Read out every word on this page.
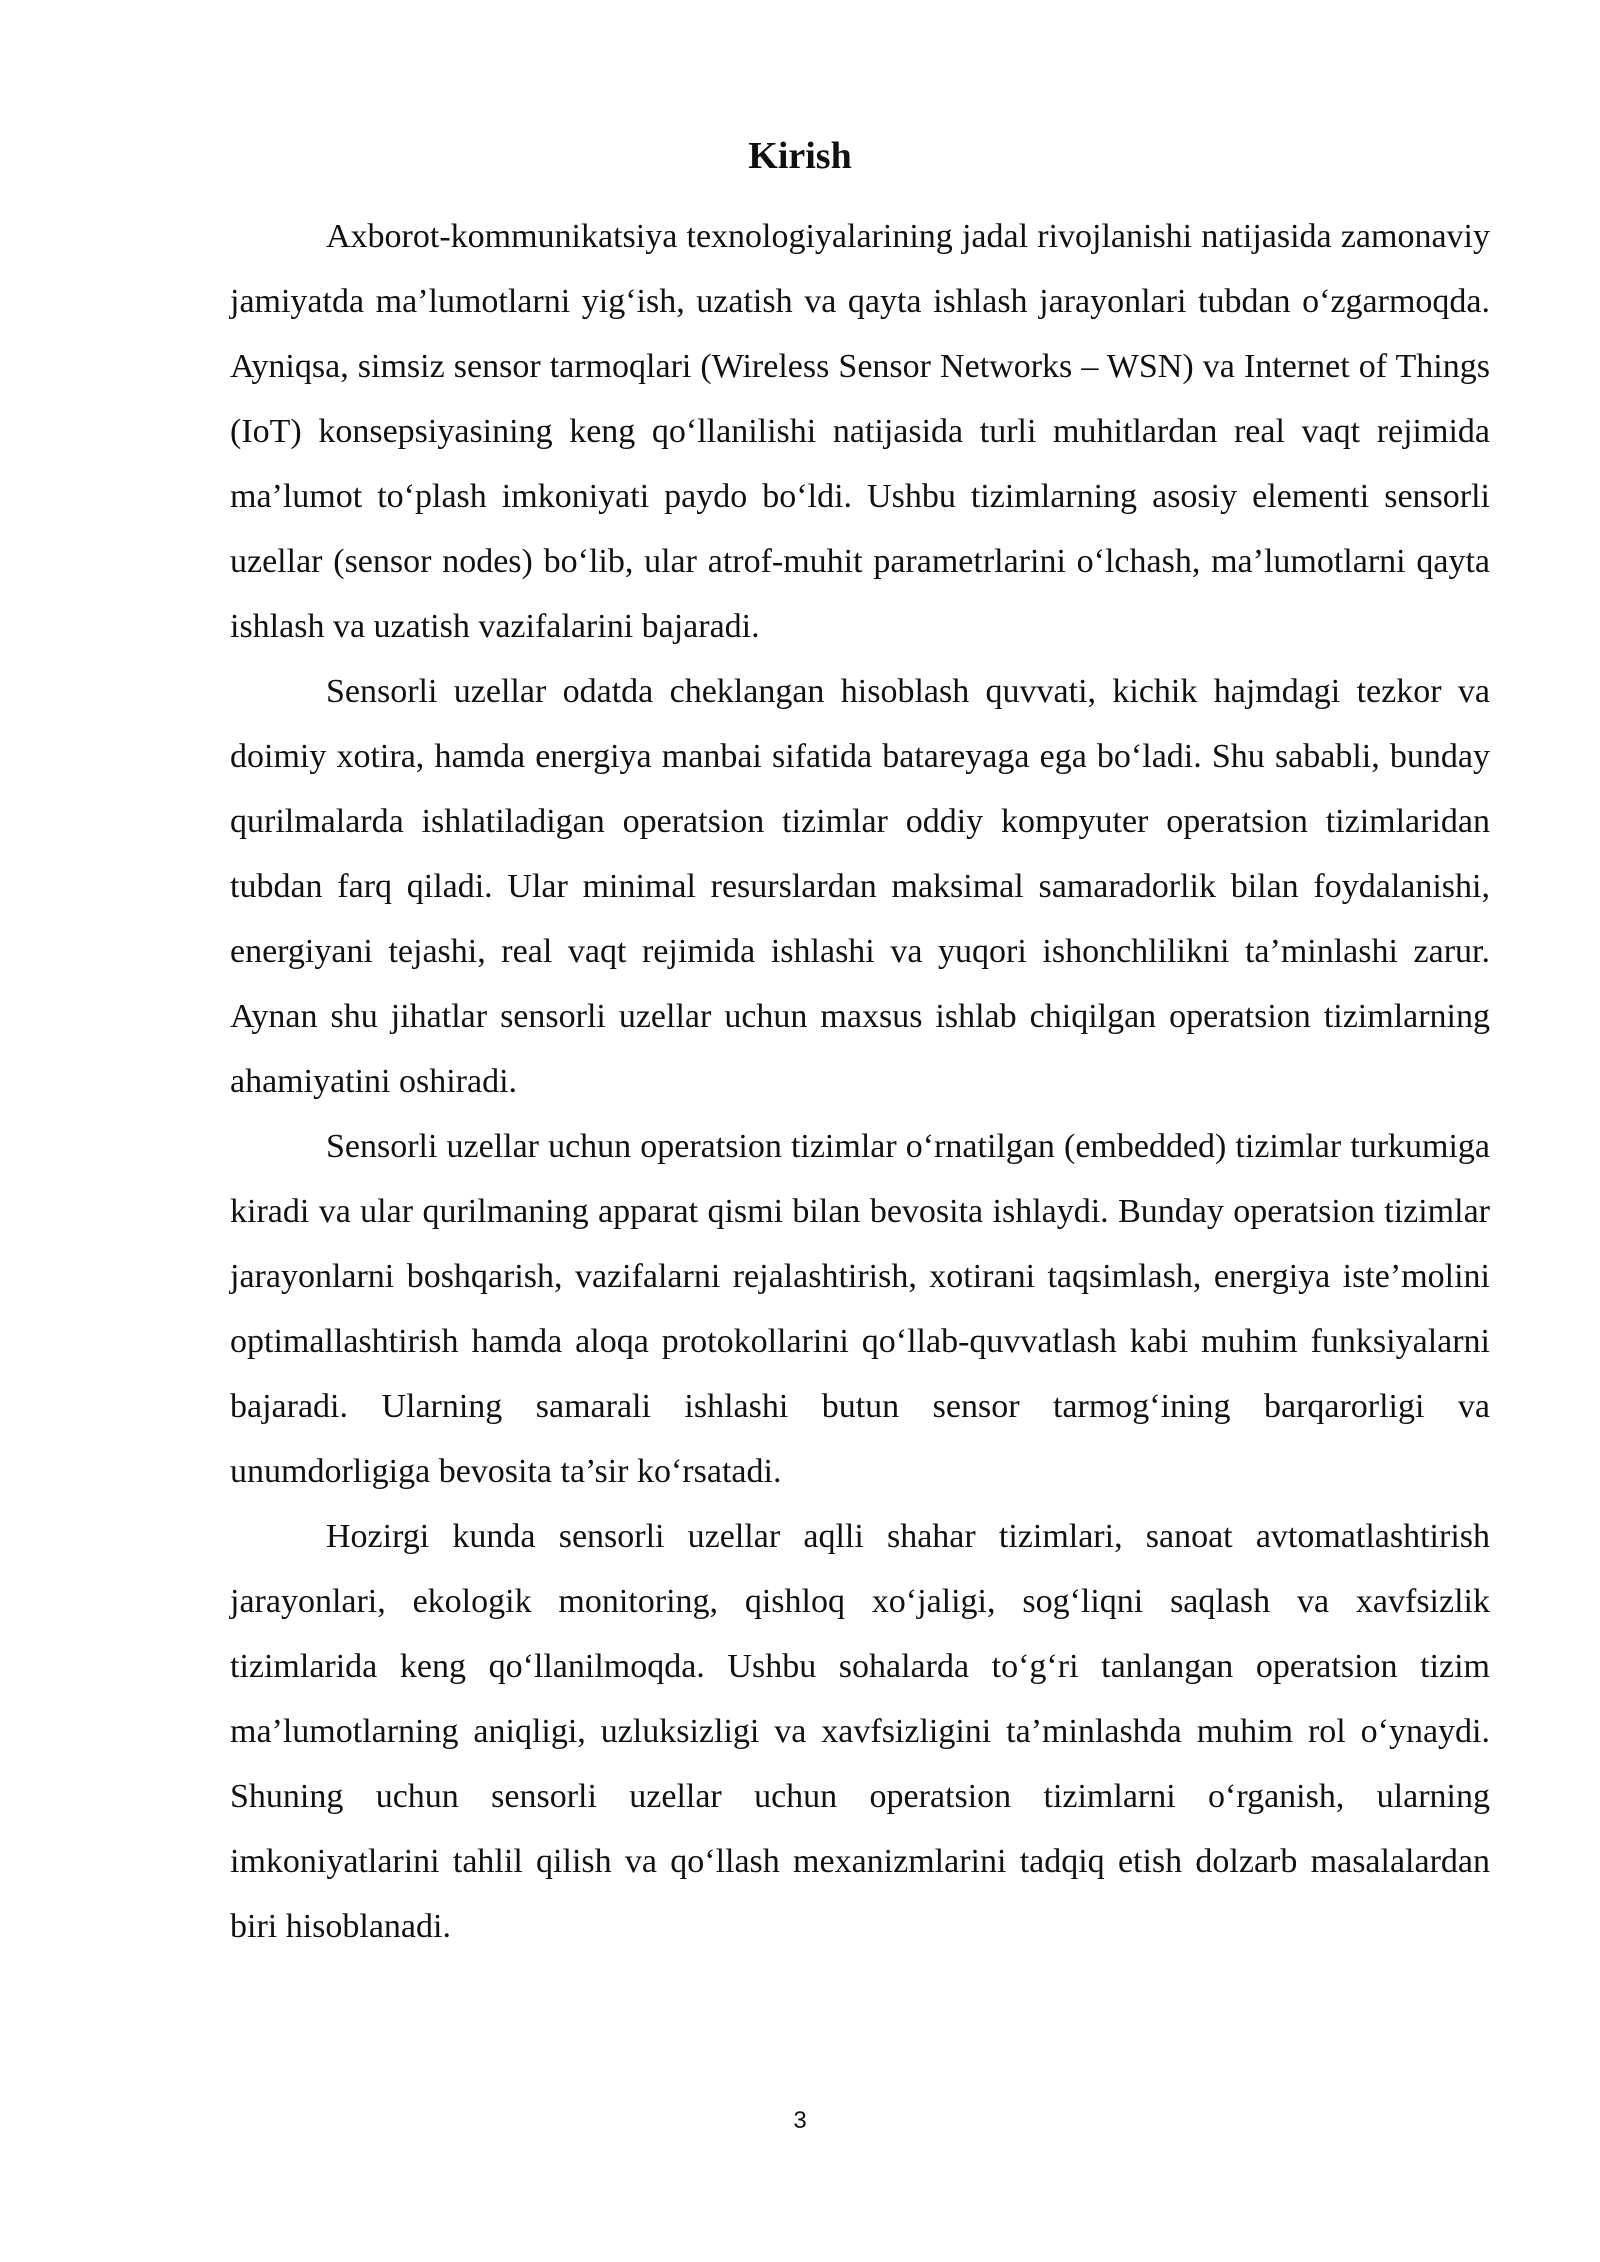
Kirish

Axborot-kommunikatsiya texnologiyalarining jadal rivojlanishi natijasida zamonaviy jamiyatda ma’lumotlarni yig‘ish, uzatish va qayta ishlash jarayonlari tubdan o‘zgarmoqda. Ayniqsa, simsiz sensor tarmoqlari (Wireless Sensor Networks – WSN) va Internet of Things (IoT) konsepsiyasining keng qo‘llanilishi natijasida turli muhitlardan real vaqt rejimida ma’lumot to‘plash imkoniyati paydo bo‘ldi. Ushbu tizimlarning asosiy elementi sensorli uzellar (sensor nodes) bo‘lib, ular atrof-muhit parametrlarini o‘lchash, ma’lumotlarni qayta ishlash va uzatish vazifalarini bajaradi.

Sensorli uzellar odatda cheklangan hisoblash quvvati, kichik hajmdagi tezkor va doimiy xotira, hamda energiya manbai sifatida batareyaga ega bo‘ladi. Shu sababli, bunday qurilmalarda ishlatiladigan operatsion tizimlar oddiy kompyuter operatsion tizimlaridan tubdan farq qiladi. Ular minimal resurslardan maksimal samaradorlik bilan foydalanishi, energiyani tejashi, real vaqt rejimida ishlashi va yuqori ishonchlilikni ta’minlashi zarur. Aynan shu jihatlar sensorli uzellar uchun maxsus ishlab chiqilgan operatsion tizimlarning ahamiyatini oshiradi.

Sensorli uzellar uchun operatsion tizimlar o‘rnatilgan (embedded) tizimlar turkumiga kiradi va ular qurilmaning apparat qismi bilan bevosita ishlaydi. Bunday operatsion tizimlar jarayonlarni boshqarish, vazifalarni rejalashtirish, xotirani taqsimlash, energiya iste’molini optimallashtirish hamda aloqa protokollarini qo‘llab-quvvatlash kabi muhim funksiyalarni bajaradi. Ularning samarali ishlashi butun sensor tarmog‘ining barqarorligi va unumdorligiga bevosita ta’sir ko‘rsatadi.

Hozirgi kunda sensorli uzellar aqlli shahar tizimlari, sanoat avtomatlashtirish jarayonlari, ekologik monitoring, qishloq xo‘jaligi, sog‘liqni saqlash va xavfsizlik tizimlarida keng qo‘llanilmoqda. Ushbu sohalarda to‘g‘ri tanlangan operatsion tizim ma’lumotlarning aniqligi, uzluksizligi va xavfsizligini ta’minlashda muhim rol o‘ynaydi. Shuning uchun sensorli uzellar uchun operatsion tizimlarni o‘rganish, ularning imkoniyatlarini tahlil qilish va qo‘llash mexanizmlarini tadqiq etish dolzarb masalalardan biri hisoblanadi.

3
